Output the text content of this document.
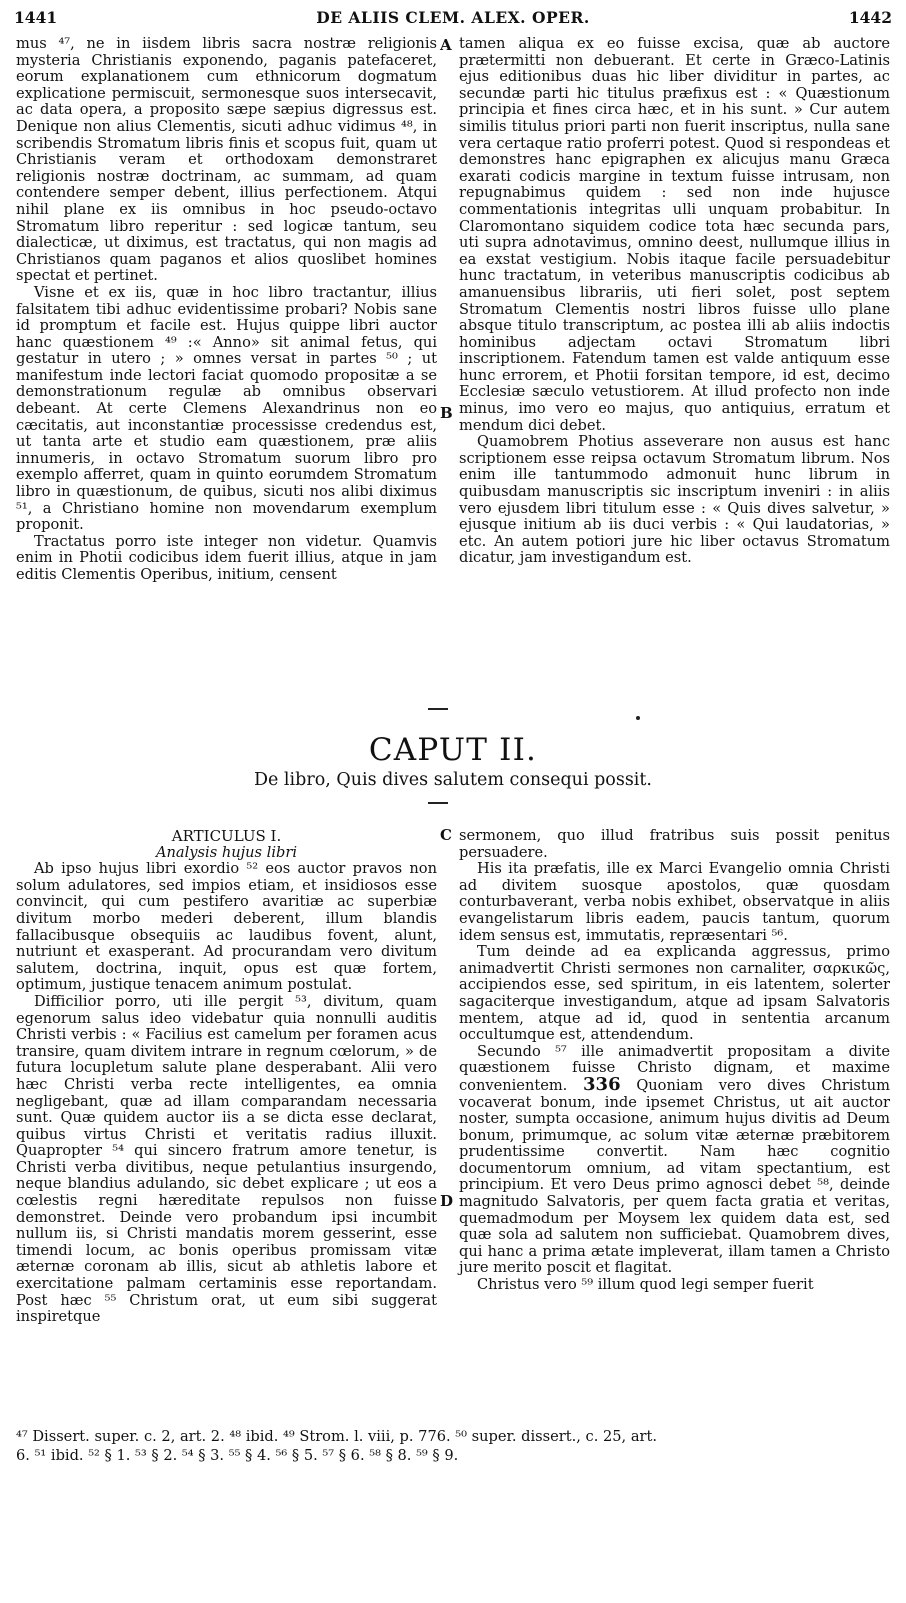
1441	DE ALIIS CLEM. ALEX. OPER.	1442
A
B
C
D

mus ⁴⁷, ne in iisdem libris sacra nostræ religionis mysteria Christianis exponendo, paganis patefaceret, eorum explanationem cum ethnicorum dogmatum explicatione permiscuit, sermonesque suos intersecavit, ac data opera, a proposito sæpe sæpius digressus est. Denique non alius Clementis, sicuti adhuc vidimus ⁴⁸, in scribendis Stromatum libris finis et scopus fuit, quam ut Christianis veram et orthodoxam demonstraret religionis nostræ doctrinam, ac summam, ad quam contendere semper debent, illius perfectionem. Atqui nihil plane ex iis omnibus in hoc pseudo-octavo Stromatum libro reperitur : sed logicæ tantum, seu dialecticæ, ut diximus, est tractatus, qui non magis ad Christianos quam paganos et alios quoslibet homines spectat et pertinet.

Visne et ex iis, quæ in hoc libro tractantur, illius falsitatem tibi adhuc evidentissime probari? Nobis sane id promptum et facile est. Hujus quippe libri auctor hanc quæstionem ⁴⁹ :« Anno» sit animal fetus, qui gestatur in utero ; » omnes versat in partes ⁵⁰ ; ut manifestum inde lectori faciat quomodo propositæ a se demonstrationum regulæ ab omnibus observari debeant. At certe Clemens Alexandrinus non eo cæcitatis, aut inconstantiæ processisse credendus est, ut tanta arte et studio eam quæstionem, præ aliis innumeris, in octavo Stromatum suorum libro pro exemplo afferret, quam in quinto eorumdem Stromatum libro in quæstionum, de quibus, sicuti nos alibi diximus ⁵¹, a Christiano homine non movendarum exemplum proponit.

Tractatus porro iste integer non videtur. Quamvis enim in Photii codicibus idem fuerit illius, atque in jam editis Clementis Operibus, initium, censent

tamen aliqua ex eo fuisse excisa, quæ ab auctore prætermitti non debuerant. Et certe in Græco-Latinis ejus editionibus duas hic liber dividitur in partes, ac secundæ parti hic titulus præfixus est : « Quæstionum principia et fines circa hæc, et in his sunt. » Cur autem similis titulus priori parti non fuerit inscriptus, nulla sane vera certaque ratio proferri potest. Quod si respondeas et demonstres hanc epigraphen ex alicujus manu Græca exarati codicis margine in textum fuisse intrusam, non repugnabimus quidem : sed non inde hujusce commentationis integritas ulli unquam probabitur. In Claromontano siquidem codice tota hæc secunda pars, uti supra adnotavimus, omnino deest, nullumque illius in ea exstat vestigium. Nobis itaque facile persuadebitur hunc tractatum, in veteribus manuscriptis codicibus ab amanuensibus librariis, uti fieri solet, post septem Stromatum Clementis nostri libros fuisse ullo plane absque titulo transcriptum, ac postea illi ab aliis indoctis hominibus adjectam octavi Stromatum libri inscriptionem. Fatendum tamen est valde antiquum esse hunc errorem, et Photii forsitan tempore, id est, decimo Ecclesiæ sæculo vetustiorem. At illud profecto non inde minus, imo vero eo majus, quo antiquius, erratum et mendum dici debet.

Quamobrem Photius asseverare non ausus est hanc scriptionem esse reipsa octavum Stromatum librum. Nos enim ille tantummodo admonuit hunc librum in quibusdam manuscriptis sic inscriptum inveniri : in aliis vero ejusdem libri titulum esse : « Quis dives salvetur, » ejusque initium ab iis duci verbis : « Qui laudatorias, » etc. An autem potiori jure hic liber octavus Stromatum dicatur, jam investigandum est.

CAPUT II.
De libro, Quis dives salutem consequi possit.

ARTICULUS I.

Analysis hujus libri

Ab ipso hujus libri exordio ⁵² eos auctor pravos non solum adulatores, sed impios etiam, et insidiosos esse convincit, qui cum pestifero avaritiæ ac superbiæ divitum morbo mederi deberent, illum blandis fallacibusque obsequiis ac laudibus fovent, alunt, nutriunt et exasperant. Ad procurandam vero divitum salutem, doctrina, inquit, opus est quæ fortem, optimum, justique tenacem animum postulat.

Difficilior porro, uti ille pergit ⁵³, divitum, quam egenorum salus ideo videbatur quia nonnulli auditis Christi verbis : « Facilius est camelum per foramen acus transire, quam divitem intrare in regnum cœlorum, » de futura locupletum salute plane desperabant. Alii vero hæc Christi verba recte intelligentes, ea omnia negligebant, quæ ad illam comparandam necessaria sunt. Quæ quidem auctor iis a se dicta esse declarat, quibus virtus Christi et veritatis radius illuxit. Quapropter ⁵⁴ qui sincero fratrum amore tenetur, is Christi verba divitibus, neque petulantius insurgendo, neque blandius adulando, sic debet explicare ; ut eos a cœlestis regni hæreditate repulsos non fuisse demonstret. Deinde vero probandum ipsi incumbit nullum iis, si Christi mandatis morem gesserint, esse timendi locum, ac bonis operibus promissam vitæ æternæ coronam ab illis, sicut ab athletis labore et exercitatione palmam certaminis esse reportandam. Post hæc ⁵⁵ Christum orat, ut eum sibi suggerat inspiretque

sermonem, quo illud fratribus suis possit penitus persuadere.

His ita præfatis, ille ex Marci Evangelio omnia Christi ad divitem suosque apostolos, quæ quosdam conturbaverant, verba nobis exhibet, observatque in aliis evangelistarum libris eadem, paucis tantum, quorum idem sensus est, immutatis, repræsentari ⁵⁶.

Tum deinde ad ea explicanda aggressus, primo animadvertit Christi sermones non carnaliter, σαρκικῶς, accipiendos esse, sed spiritum, in eis latentem, solerter sagaciterque investigandum, atque ad ipsam Salvatoris mentem, atque ad id, quod in sententia arcanum occultumque est, attendendum.

Secundo ⁵⁷ ille animadvertit propositam a divite quæstionem fuisse Christo dignam, et maxime convenientem. 336 Quoniam vero dives Christum vocaverat bonum, inde ipsemet Christus, ut ait auctor noster, sumpta occasione, animum hujus divitis ad Deum bonum, primumque, ac solum vitæ æternæ præbitorem prudentissime convertit. Nam hæc cognitio documentorum omnium, ad vitam spectantium, est principium. Et vero Deus primo agnosci debet ⁵⁸, deinde magnitudo Salvatoris, per quem facta gratia et veritas, quemadmodum per Moysem lex quidem data est, sed quæ sola ad salutem non sufficiebat. Quamobrem dives, qui hanc a prima ætate impleverat, illam tamen a Christo jure merito poscit et flagitat.

Christus vero ⁵⁹ illum quod legi semper fuerit

⁴⁷ Dissert. super. c. 2, art. 2. ⁴⁸ ibid. ⁴⁹ Strom. l. viii, p. 776. ⁵⁰ super. dissert., c. 25, art.

6. ⁵¹ ibid. ⁵² § 1. ⁵³ § 2. ⁵⁴ § 3. ⁵⁵ § 4. ⁵⁶ § 5. ⁵⁷ § 6. ⁵⁸ § 8. ⁵⁹ § 9.
